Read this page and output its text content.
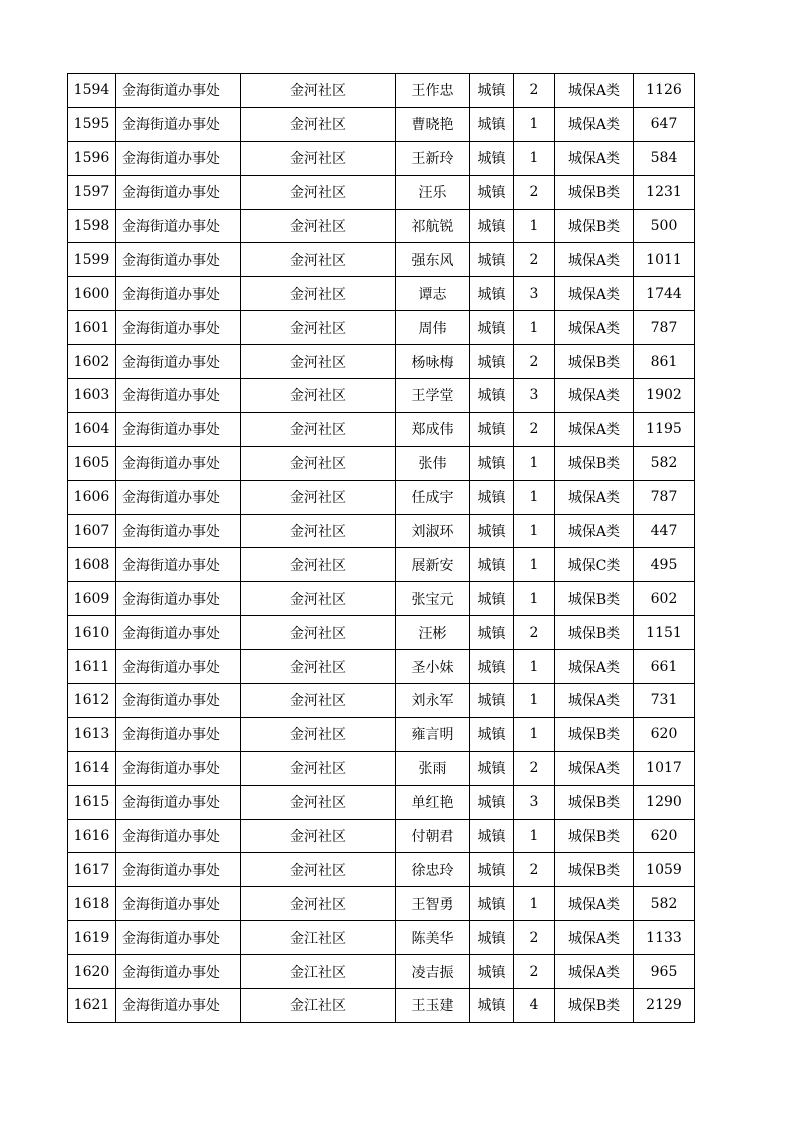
1594	金海街道办事处	金河社区	王作忠	城镇	2	城保A类	1126
1595	金海街道办事处	金河社区	曹晓艳	城镇	1	城保A类	647
1596	金海街道办事处	金河社区	王新玲	城镇	1	城保A类	584
1597	金海街道办事处	金河社区	汪乐	城镇	2	城保B类	1231
1598	金海街道办事处	金河社区	祁航锐	城镇	1	城保B类	500
1599	金海街道办事处	金河社区	强东风	城镇	2	城保A类	1011
1600	金海街道办事处	金河社区	谭志	城镇	3	城保A类	1744
1601	金海街道办事处	金河社区	周伟	城镇	1	城保A类	787
1602	金海街道办事处	金河社区	杨咏梅	城镇	2	城保B类	861
1603	金海街道办事处	金河社区	王学堂	城镇	3	城保A类	1902
1604	金海街道办事处	金河社区	郑成伟	城镇	2	城保A类	1195
1605	金海街道办事处	金河社区	张伟	城镇	1	城保B类	582
1606	金海街道办事处	金河社区	任成宇	城镇	1	城保A类	787
1607	金海街道办事处	金河社区	刘淑环	城镇	1	城保A类	447
1608	金海街道办事处	金河社区	展新安	城镇	1	城保C类	495
1609	金海街道办事处	金河社区	张宝元	城镇	1	城保B类	602
1610	金海街道办事处	金河社区	汪彬	城镇	2	城保B类	1151
1611	金海街道办事处	金河社区	圣小妹	城镇	1	城保A类	661
1612	金海街道办事处	金河社区	刘永军	城镇	1	城保A类	731
1613	金海街道办事处	金河社区	雍言明	城镇	1	城保B类	620
1614	金海街道办事处	金河社区	张雨	城镇	2	城保A类	1017
1615	金海街道办事处	金河社区	单红艳	城镇	3	城保B类	1290
1616	金海街道办事处	金河社区	付朝君	城镇	1	城保B类	620
1617	金海街道办事处	金河社区	徐忠玲	城镇	2	城保B类	1059
1618	金海街道办事处	金河社区	王智勇	城镇	1	城保A类	582
1619	金海街道办事处	金江社区	陈美华	城镇	2	城保A类	1133
1620	金海街道办事处	金江社区	凌吉振	城镇	2	城保A类	965
1621	金海街道办事处	金江社区	王玉建	城镇	4	城保B类	2129
